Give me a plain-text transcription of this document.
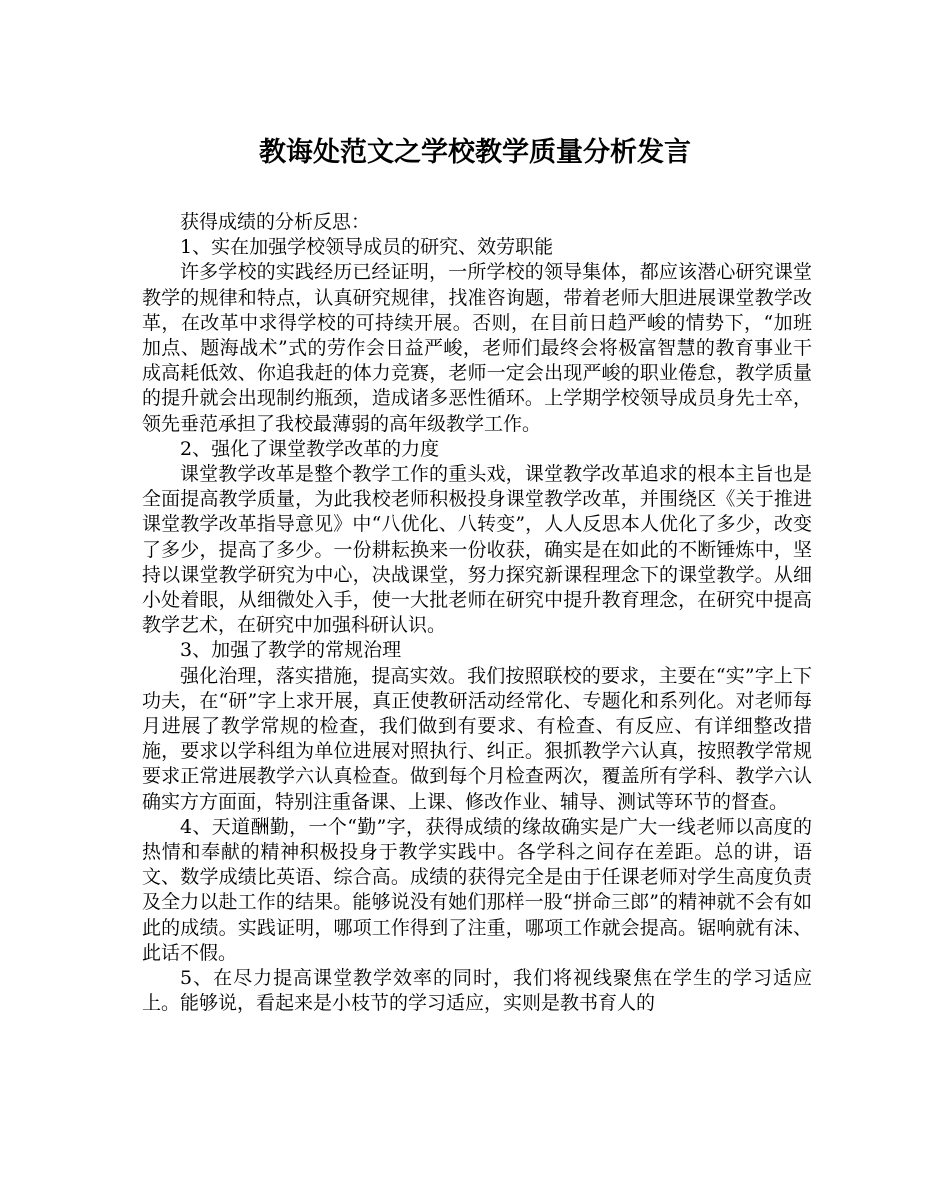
教诲处范文之学校教学质量分析发言

获得成绩的分析反思：

1、实在加强学校领导成员的研究、效劳职能

许多学校的实践经历已经证明，一所学校的领导集体，都应该潜心研究课堂教学的规律和特点，认真研究规律，找准咨询题，带着老师大胆进展课堂教学改革，在改革中求得学校的可持续开展。否则，在目前日趋严峻的情势下，“加班加点、题海战术”式的劳作会日益严峻，老师们最终会将极富智慧的教育事业干成高耗低效、你追我赶的体力竞赛，老师一定会出现严峻的职业倦怠，教学质量的提升就会出现制约瓶颈，造成诸多恶性循环。上学期学校领导成员身先士卒，领先垂范承担了我校最薄弱的高年级教学工作。

2、强化了课堂教学改革的力度

课堂教学改革是整个教学工作的重头戏，课堂教学改革追求的根本主旨也是全面提高教学质量，为此我校老师积极投身课堂教学改革，并围绕区《关于推进课堂教学改革指导意见》中“八优化、八转变”，人人反思本人优化了多少，改变了多少，提高了多少。一份耕耘换来一份收获，确实是在如此的不断锤炼中，坚持以课堂教学研究为中心，决战课堂，努力探究新课程理念下的课堂教学。从细小处着眼，从细微处入手，使一大批老师在研究中提升教育理念，在研究中提高教学艺术，在研究中加强科研认识。

3、加强了教学的常规治理

强化治理，落实措施，提高实效。我们按照联校的要求，主要在“实”字上下功夫，在“研”字上求开展，真正使教研活动经常化、专题化和系列化。对老师每月进展了教学常规的检查，我们做到有要求、有检查、有反应、有详细整改措施，要求以学科组为单位进展对照执行、纠正。狠抓教学六认真，按照教学常规要求正常进展教学六认真检查。做到每个月检查两次，覆盖所有学科、教学六认确实方方面面，特别注重备课、上课、修改作业、辅导、测试等环节的督查。

4、天道酬勤，一个“勤”字，获得成绩的缘故确实是广大一线老师以高度的热情和奉献的精神积极投身于教学实践中。各学科之间存在差距。总的讲，语文、数学成绩比英语、综合高。成绩的获得完全是由于任课老师对学生高度负责及全力以赴工作的结果。能够说没有她们那样一股“拼命三郎”的精神就不会有如此的成绩。实践证明，哪项工作得到了注重，哪项工作就会提高。锯响就有沫、此话不假。

5、在尽力提高课堂教学效率的同时，我们将视线聚焦在学生的学习适应上。能够说，看起来是小枝节的学习适应，实则是教书育人的
